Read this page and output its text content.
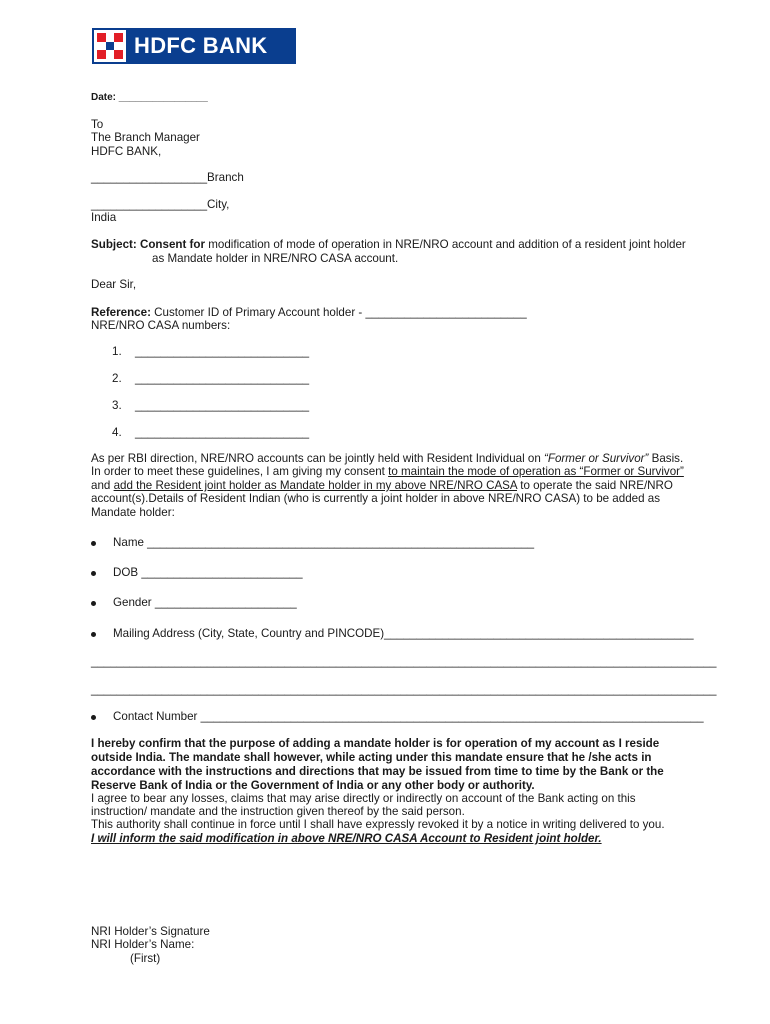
HDFC BANK
Date: ________________
To
The Branch Manager
HDFC BANK,
__________________Branch
__________________City,
India
Subject: Consent for modification of mode of operation in NRE/NRO account and addition of a resident joint holder
as Mandate holder in NRE/NRO CASA account.
Dear Sir,
Reference: Customer ID of Primary Account holder - _________________________
NRE/NRO CASA numbers:
1. ___________________________
2. ___________________________
3. ___________________________
4. ___________________________
As per RBI direction, NRE/NRO accounts can be jointly held with Resident Individual on “Former or Survivor” Basis.
In order to meet these guidelines, I am giving my consent to maintain the mode of operation as “Former or Survivor”
and add the Resident joint holder as Mandate holder in my above NRE/NRO CASA to operate the said NRE/NRO
account(s).Details of Resident Indian (who is currently a joint holder in above NRE/NRO CASA) to be added as
Mandate holder:
Name ____________________________________________________________
DOB _________________________
Gender ______________________
Mailing Address (City, State, Country and PINCODE)________________________________________________
_________________________________________________________________________________________________
_________________________________________________________________________________________________
Contact Number ______________________________________________________________________________
I hereby confirm that the purpose of adding a mandate holder is for operation of my account as I reside
outside India. The mandate shall however, while acting under this mandate ensure that he /she acts in
accordance with the instructions and directions that may be issued from time to time by the Bank or the
Reserve Bank of India or the Government of India or any other body or authority.
I agree to bear any losses, claims that may arise directly or indirectly on account of the Bank acting on this
instruction/ mandate and the instruction given thereof by the said person.
This authority shall continue in force until I shall have expressly revoked it by a notice in writing delivered to you.
I will inform the said modification in above NRE/NRO CASA Account to Resident joint holder.
NRI Holder’s Signature
NRI Holder’s Name:
(First)
